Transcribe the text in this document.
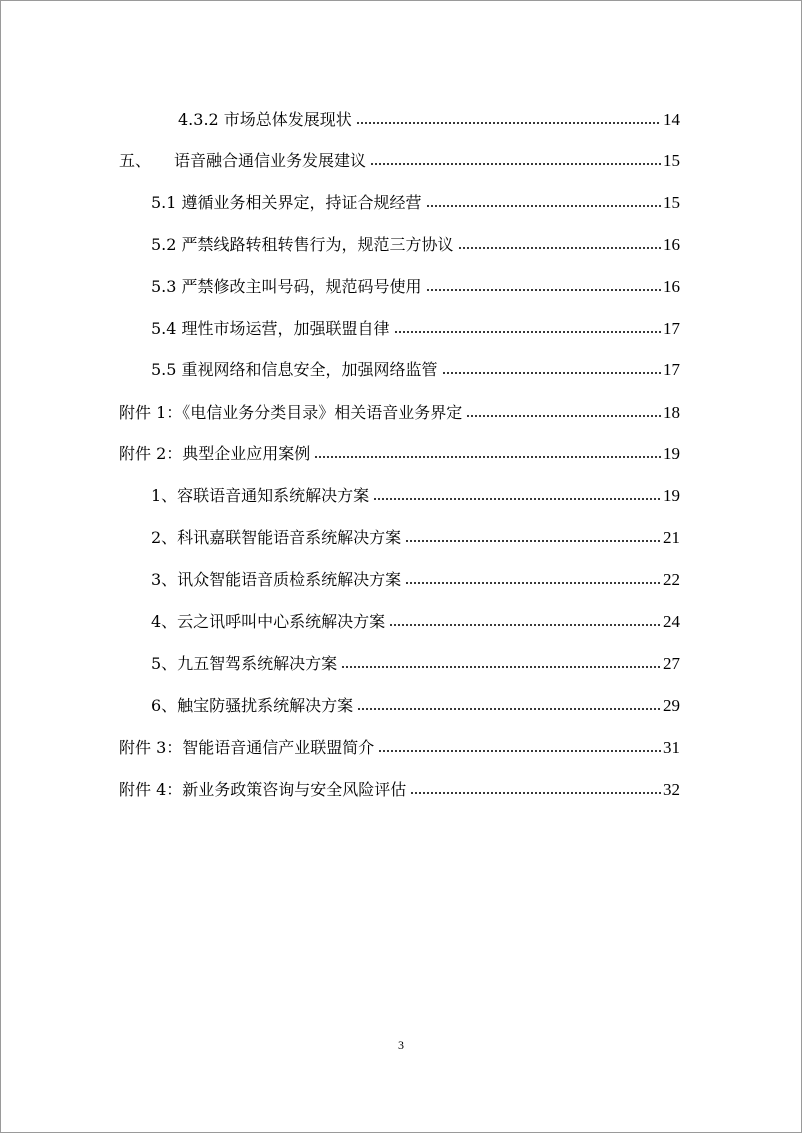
4.3.2 市场总体发展现状	14
五、 语音融合通信业务发展建议	15
5.1 遵循业务相关界定，持证合规经营	15
5.2 严禁线路转租转售行为，规范三方协议	16
5.3 严禁修改主叫号码，规范码号使用	16
5.4 理性市场运营，加强联盟自律	17
5.5 重视网络和信息安全，加强网络监管	17
附件 1：《电信业务分类目录》相关语音业务界定	18
附件 2：典型企业应用案例	19
1、容联语音通知系统解决方案	19
2、科讯嘉联智能语音系统解决方案	21
3、讯众智能语音质检系统解决方案	22
4、云之讯呼叫中心系统解决方案	24
5、九五智驾系统解决方案	27
6、触宝防骚扰系统解决方案	29
附件 3：智能语音通信产业联盟简介	31
附件 4：新业务政策咨询与安全风险评估	32
3
